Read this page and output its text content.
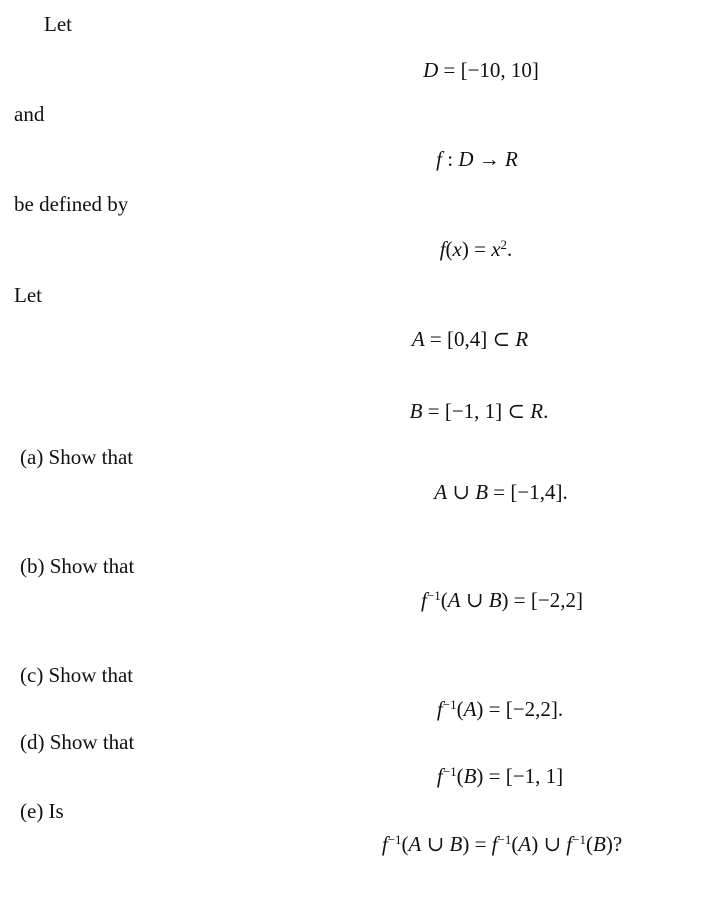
Let
D = [−10, 10]
and
f : D → R
be defined by
$f(x) = x^2$.
Let
A = [0,4] ⊂ R
B = [−1, 1] ⊂ R.
(a) Show that
A ∪ B = [−1,4].
(b) Show that
$f^{-1}(A$ ∪ B) = [−2,2]
(c) Show that
$f^{-1}(A) = [-2,2]$.
(d) Show that
$f^{-1}(B) = [-1$, 1]
(e) Is
$f^{-1}(A$ ∪ $B) = f^{-1}(A)$ ∪ $f^{-1}(B)$?
